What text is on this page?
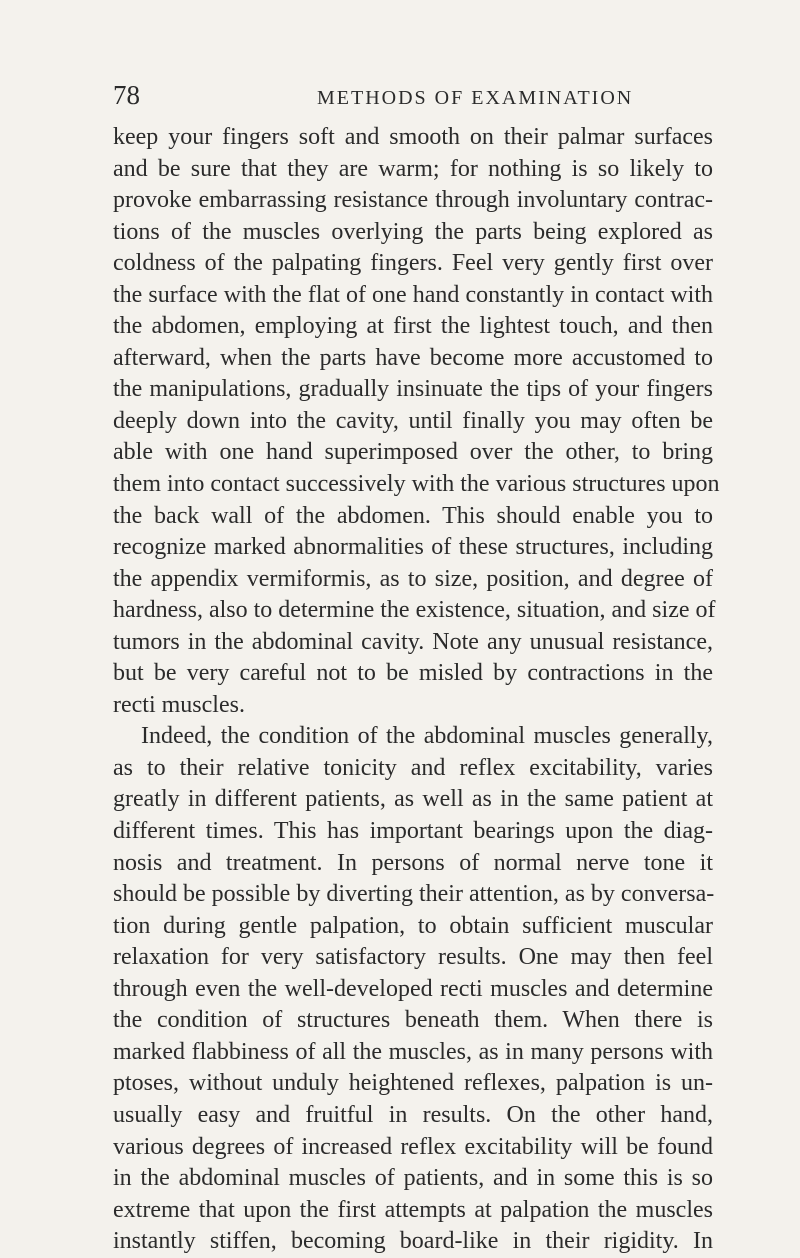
78	METHODS OF EXAMINATION
keep your fingers soft and smooth on their palmar surfaces
and be sure that they are warm; for nothing is so likely to
provoke embarrassing resistance through involuntary contrac-
tions of the muscles overlying the parts being explored as
coldness of the palpating fingers. Feel very gently first over
the surface with the flat of one hand constantly in contact with
the abdomen, employing at first the lightest touch, and then
afterward, when the parts have become more accustomed to
the manipulations, gradually insinuate the tips of your fingers
deeply down into the cavity, until finally you may often be
able with one hand superimposed over the other, to bring
them into contact successively with the various structures upon
the back wall of the abdomen. This should enable you to
recognize marked abnormalities of these structures, including
the appendix vermiformis, as to size, position, and degree of
hardness, also to determine the existence, situation, and size of
tumors in the abdominal cavity. Note any unusual resistance,
but be very careful not to be misled by contractions in the
recti muscles.
Indeed, the condition of the abdominal muscles generally,
as to their relative tonicity and reflex excitability, varies
greatly in different patients, as well as in the same patient at
different times. This has important bearings upon the diag-
nosis and treatment. In persons of normal nerve tone it
should be possible by diverting their attention, as by conversa-
tion during gentle palpation, to obtain sufficient muscular
relaxation for very satisfactory results. One may then feel
through even the well-developed recti muscles and determine
the condition of structures beneath them. When there is
marked flabbiness of all the muscles, as in many persons with
ptoses, without unduly heightened reflexes, palpation is un-
usually easy and fruitful in results. On the other hand,
various degrees of increased reflex excitability will be found
in the abdominal muscles of patients, and in some this is so
extreme that upon the first attempts at palpation the muscles
instantly stiffen, becoming board-like in their rigidity. In
